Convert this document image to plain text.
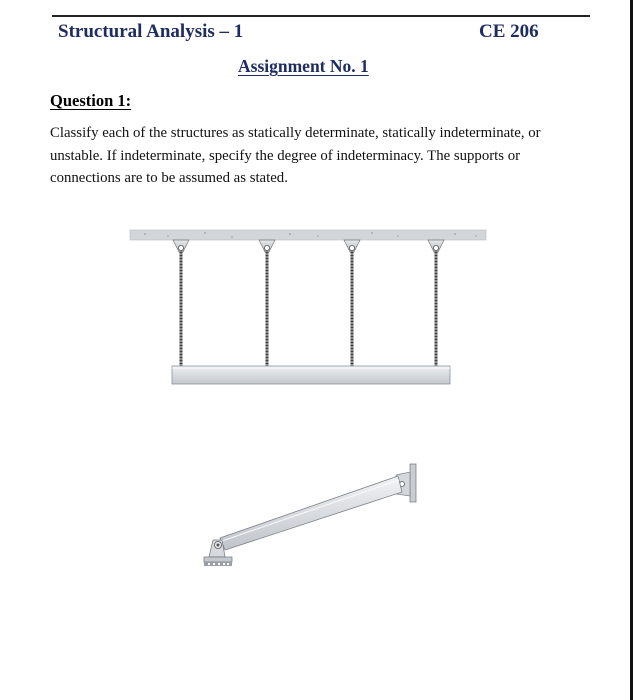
Structural Analysis – 1	CE 206
Assignment No. 1
Question 1:
Classify each of the structures as statically determinate, statically indeterminate, or unstable. If indeterminate, specify the degree of indeterminacy. The supports or connections are to be assumed as stated.
